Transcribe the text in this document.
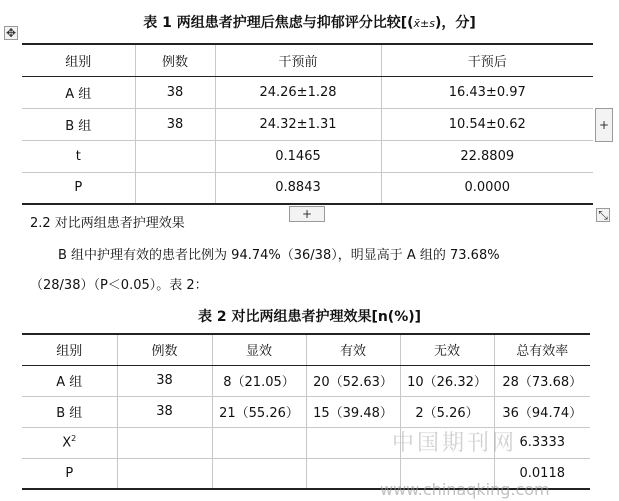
✥
表 1 两组患者护理后焦虑与抑郁评分比较[(x̄±s)，分]
组别	例数	干预前	干预后
A 组	38	24.26±1.28	16.43±0.97
B 组	38	24.32±1.31	10.54±0.62
t		0.1465	22.8809
P		0.8843	0.0000
+
2.2 对比两组患者护理效果
+	⤡
B 组中护理有效的患者比例为 94.74%（36/38），明显高于 A 组的 73.68%
（28/38）（P＜0.05）。表 2：
表 2 对比两组患者护理效果[n(%)]
组别	例数	显效	有效	无效	总有效率
A 组	38	8（21.05）	20（52.63）	10（26.32）	28（73.68）
B 组	38	21（55.26）	15（39.48）	2（5.26）	36（94.74）
$X^2$					6.3333
P					0.0118
中国期刊网
www.chinaqking.com
